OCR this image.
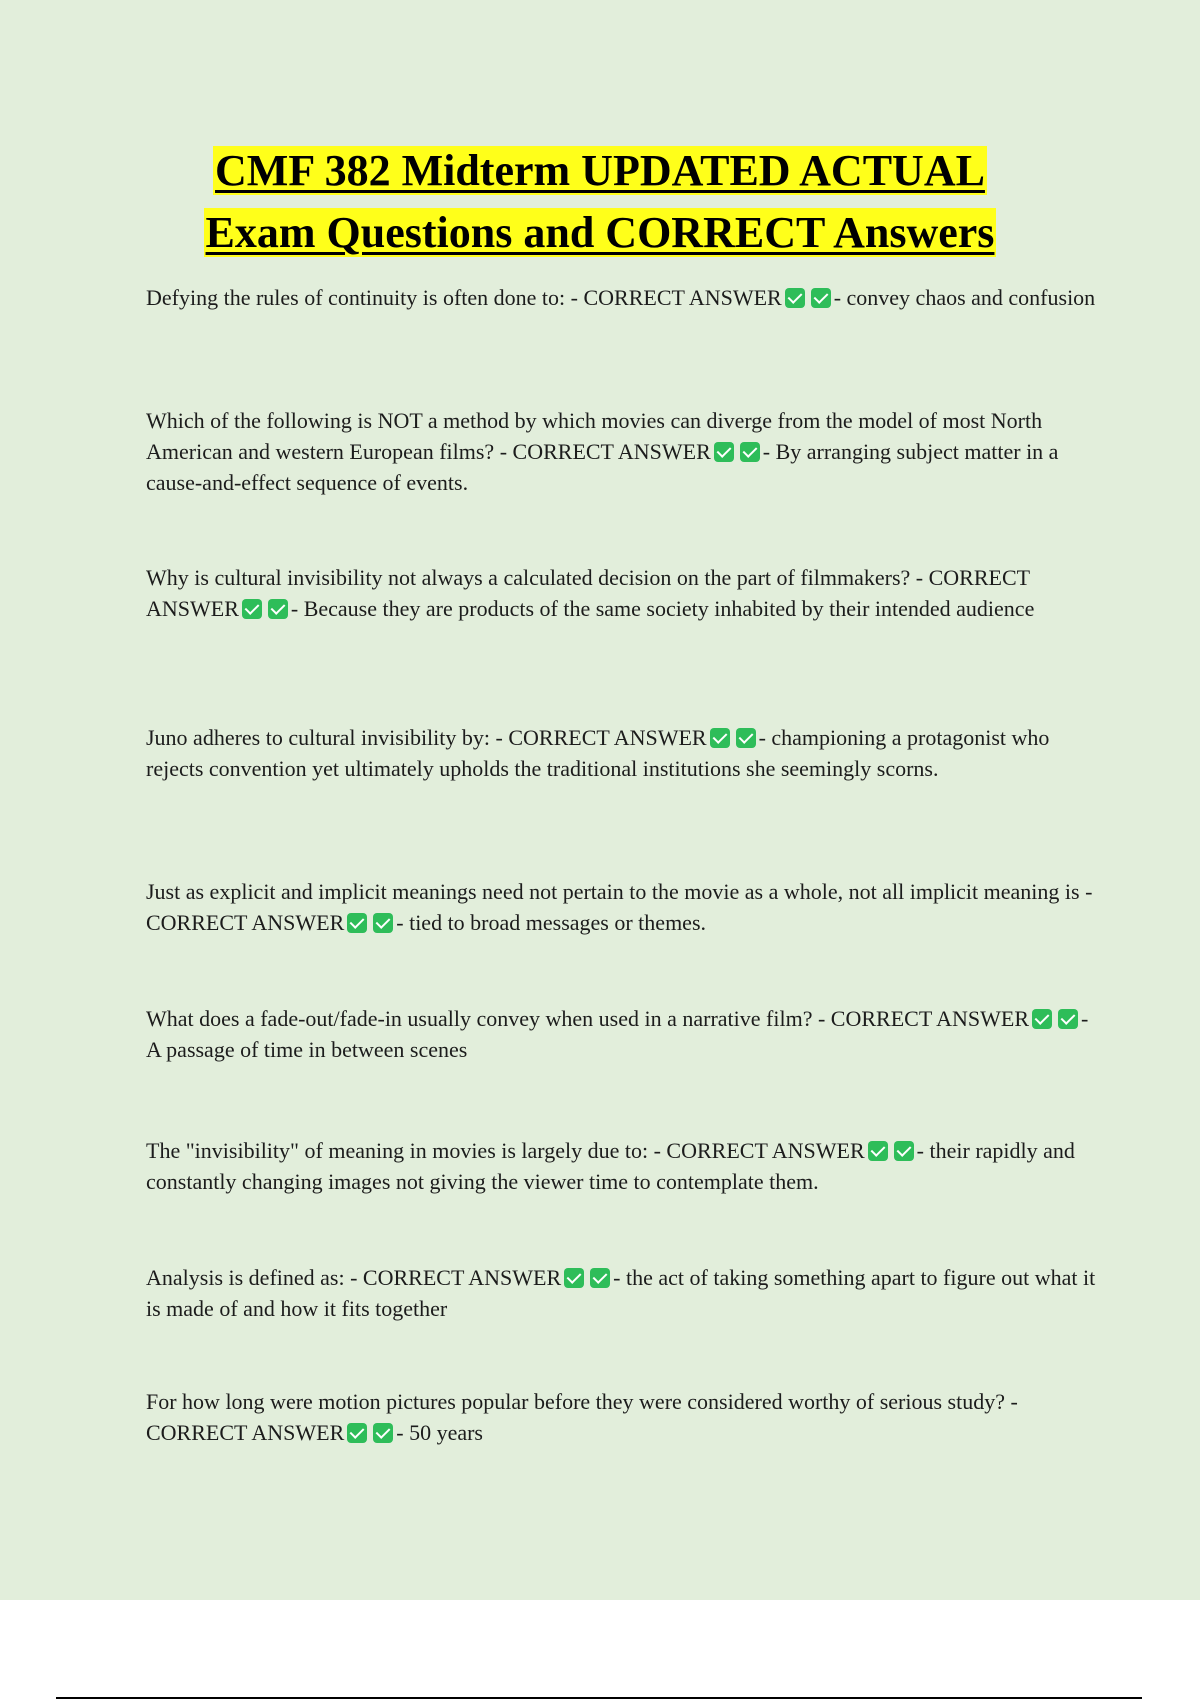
CMF 382 Midterm UPDATED ACTUAL
Exam Questions and CORRECT Answers

Defying the rules of continuity is often done to: - CORRECT ANSWER - convey chaos and confusion

Which of the following is NOT a method by which movies can diverge from the model of most North American and western European films? - CORRECT ANSWER - By arranging subject matter in a cause-and-effect sequence of events.

Why is cultural invisibility not always a calculated decision on the part of filmmakers? - CORRECT ANSWER - Because they are products of the same society inhabited by their intended audience

Juno adheres to cultural invisibility by: - CORRECT ANSWER - championing a protagonist who rejects convention yet ultimately upholds the traditional institutions she seemingly scorns.

Just as explicit and implicit meanings need not pertain to the movie as a whole, not all implicit meaning is - CORRECT ANSWER - tied to broad messages or themes.

What does a fade-out/fade-in usually convey when used in a narrative film? - CORRECT ANSWER - A passage of time in between scenes

The "invisibility" of meaning in movies is largely due to: - CORRECT ANSWER - their rapidly and constantly changing images not giving the viewer time to contemplate them.

Analysis is defined as: - CORRECT ANSWER - the act of taking something apart to figure out what it is made of and how it fits together

For how long were motion pictures popular before they were considered worthy of serious study? - CORRECT ANSWER - 50 years
